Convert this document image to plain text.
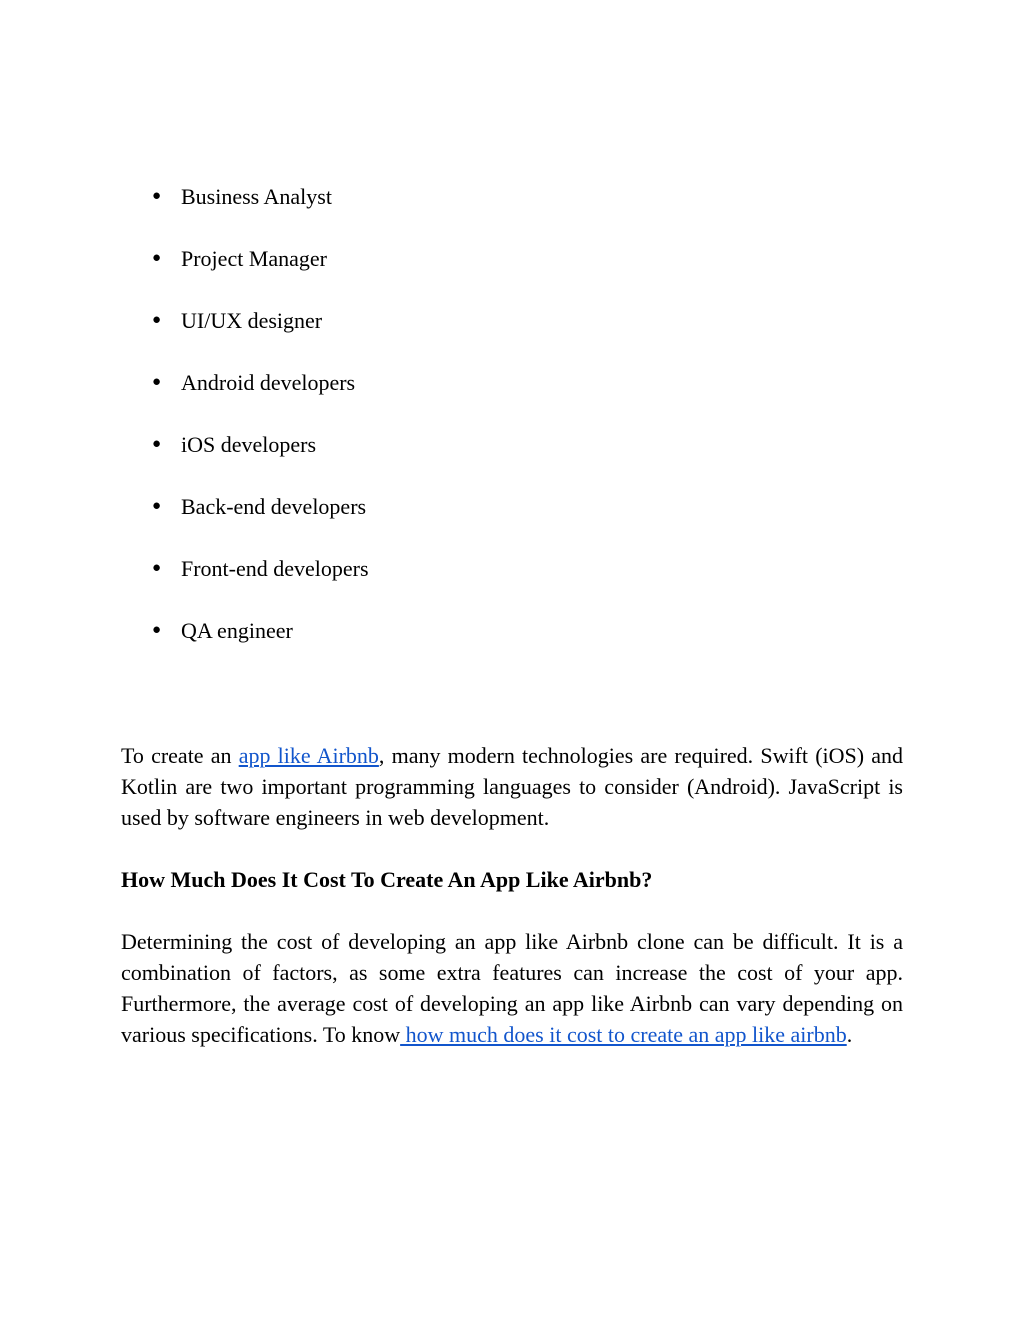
● Business Analyst
● Project Manager
● UI/UX designer
● Android developers
● iOS developers
● Back-end developers
● Front-end developers
● QA engineer

To create an app like Airbnb, many modern technologies are required. Swift (iOS) and Kotlin are two important programming languages to consider (Android). JavaScript is used by software engineers in web development.

How Much Does It Cost To Create An App Like Airbnb?

Determining the cost of developing an app like Airbnb clone can be difficult. It is a combination of factors, as some extra features can increase the cost of your app. Furthermore, the average cost of developing an app like Airbnb can vary depending on various specifications. To know how much does it cost to create an app like airbnb.
